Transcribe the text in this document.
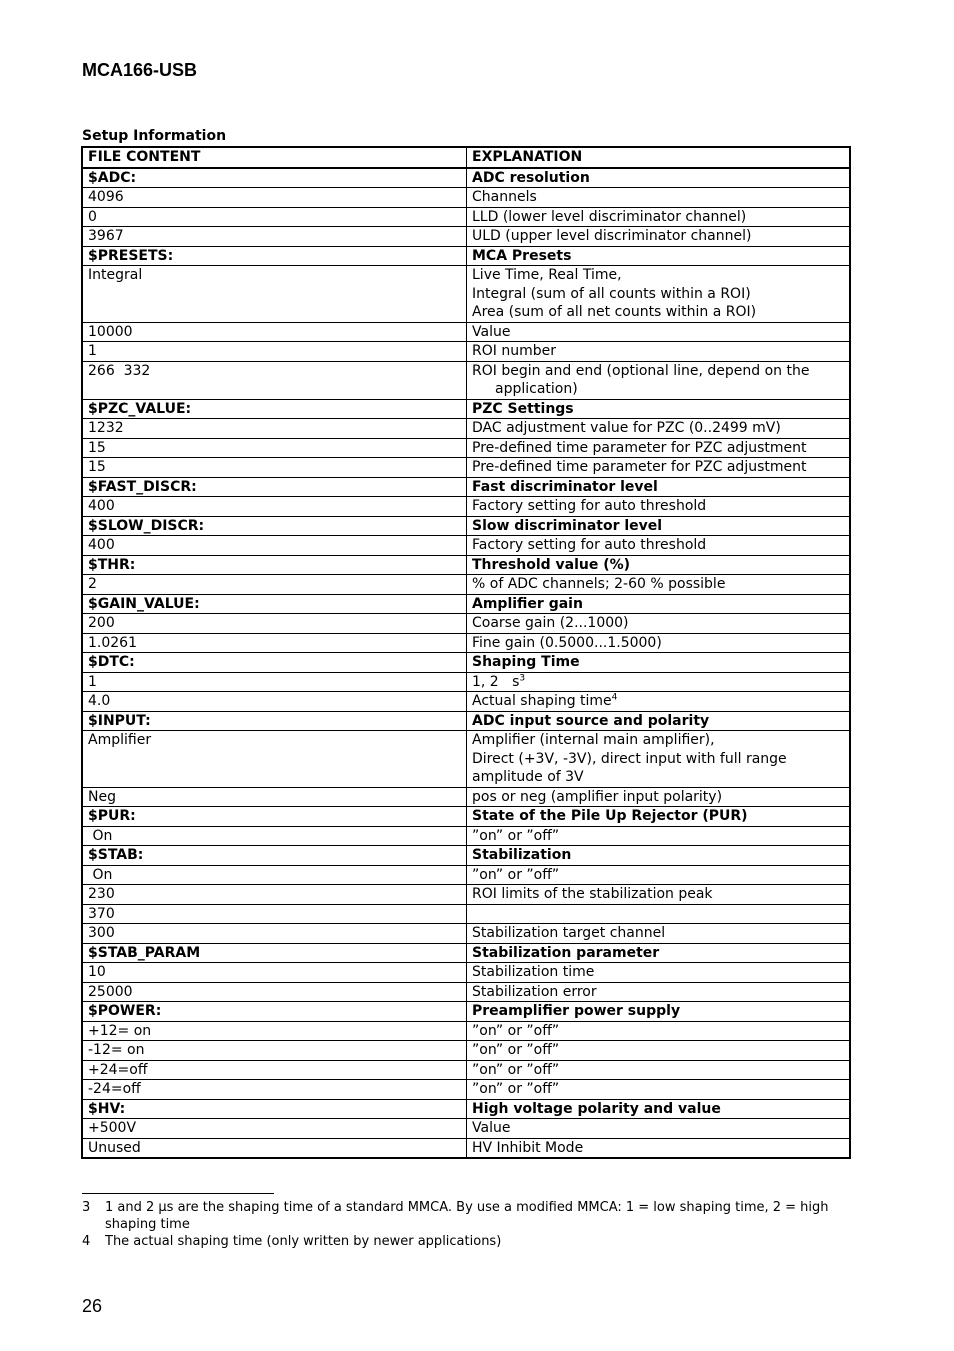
MCA166-USB
Setup Information
FILE CONTENT	EXPLANATION
$ADC:	ADC resolution
4096	Channels
0	LLD (lower level discriminator channel)
3967	ULD (upper level discriminator channel)
$PRESETS:	MCA Presets
Integral	Live Time, Real Time,
Integral (sum of all counts within a ROI)
Area (sum of all net counts within a ROI)

10000	Value
1	ROI number
266  332	ROI begin and end (optional line, depend on the
application)

$PZC_VALUE:	PZC Settings
1232	DAC adjustment value for PZC (0..2499 mV)
15	Pre-defined time parameter for PZC adjustment
15	Pre-defined time parameter for PZC adjustment
$FAST_DISCR:	Fast discriminator level
400	Factory setting for auto threshold
$SLOW_DISCR:	Slow discriminator level
400	Factory setting for auto threshold
$THR:	Threshold value (%)
2	% of ADC channels; 2-60 % possible
$GAIN_VALUE:	Amplifier gain
200	Coarse gain (2...1000)
1.0261	Fine gain (0.5000...1.5000)
$DTC:	Shaping Time
1	1, 2   $s^3$
4.0	Actual shaping time$^4$
$INPUT:	ADC input source and polarity
Amplifier	Amplifier (internal main amplifier),
Direct (+3V, -3V), direct input with full range
amplitude of 3V

Neg	pos or neg (amplifier input polarity)
$PUR:	State of the Pile Up Rejector (PUR)
On	”on” or ”off”
$STAB:	Stabilization
On	”on” or ”off”
230	ROI limits of the stabilization peak
370	
300	Stabilization target channel
$STAB_PARAM	Stabilization parameter
10	Stabilization time
25000	Stabilization error
$POWER:	Preamplifier power supply
+12= on	”on” or ”off”
-12= on	”on” or ”off”
+24=off	”on” or ”off”
-24=off	”on” or ”off”
$HV:	High voltage polarity and value
+500V	Value
Unused	HV Inhibit Mode
3 1 and 2 µs are the shaping time of a standard MMCA. By use a modified MMCA: 1 = low shaping time, 2 = high
shaping time
4 The actual shaping time (only written by newer applications)
26
